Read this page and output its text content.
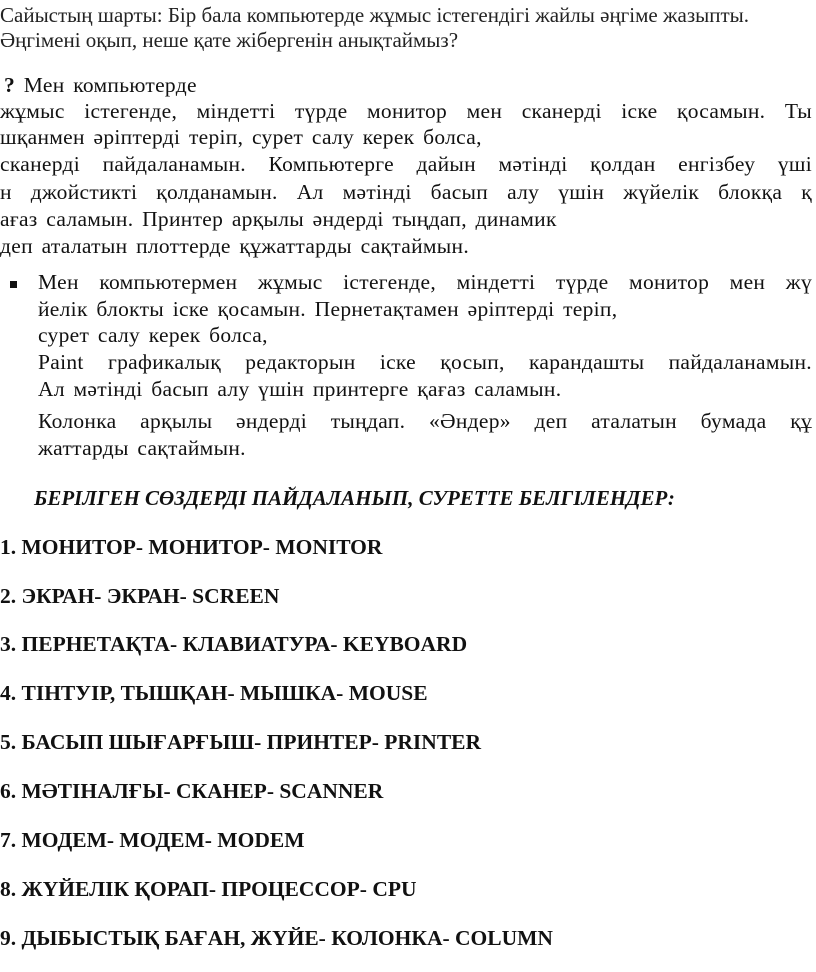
Сайыстың шарты: Бір бала компьютерде жұмыс істегендігі жайлы әңгіме жазыпты.
Әңгімені оқып, неше қате жібергенін анықтаймыз?
? Мен компьютерде
жұмыс істегенде, міндетті түрде монитор мен сканерді іске қосамын. Ты
шқанмен әріптерді теріп, сурет салу керек болса,
сканерді пайдаланамын. Компьютерге дайын мәтінді қолдан енгізбеу үші
н джойстикті қолданамын. Ал мәтінді басып алу үшін жүйелік блокқа қ
ағаз саламын. Принтер арқылы әндерді тыңдап, динамик
деп аталатын плоттерде құжаттарды сақтаймын.
Мен компьютермен жұмыс істегенде, міндетті түрде монитор мен жү
йелік блокты іске қосамын. Пернетақтамен әріптерді теріп,
сурет салу керек болса,
Paint графикалық редакторын іске қосып, карандашты пайдаланамын.
Ал мәтінді басып алу үшін принтерге қағаз саламын.
Колонка арқылы әндерді тыңдап. «Әндер» деп аталатын бумада құ
жаттарды сақтаймын.
БЕРІЛГЕН СӨЗДЕРДІ ПАЙДАЛАНЫП, СУРЕТТЕ БЕЛГІЛЕНДЕР:
1. МОНИТОР- МОНИТОР- MONITOR
2. ЭКРАН- ЭКРАН- SCREEN
3. ПЕРНЕТАҚТА- КЛАВИАТУРА- KEYBOARD
4. ТІНТУІР, ТЫШҚАН- МЫШКА- MOUSE
5. БАСЫП ШЫҒАРҒЫШ- ПРИНТЕР- PRINTER
6. МӘТІНАЛҒЫ- СКАНЕР- SCANNER
7. МОДЕМ- МОДЕМ- MODEM
8. ЖҮЙЕЛІК ҚОРАП- ПРОЦЕССОР- CPU
9. ДЫБЫСТЫҚ БАҒАН, ЖҮЙЕ- КОЛОНКА- COLUMN
